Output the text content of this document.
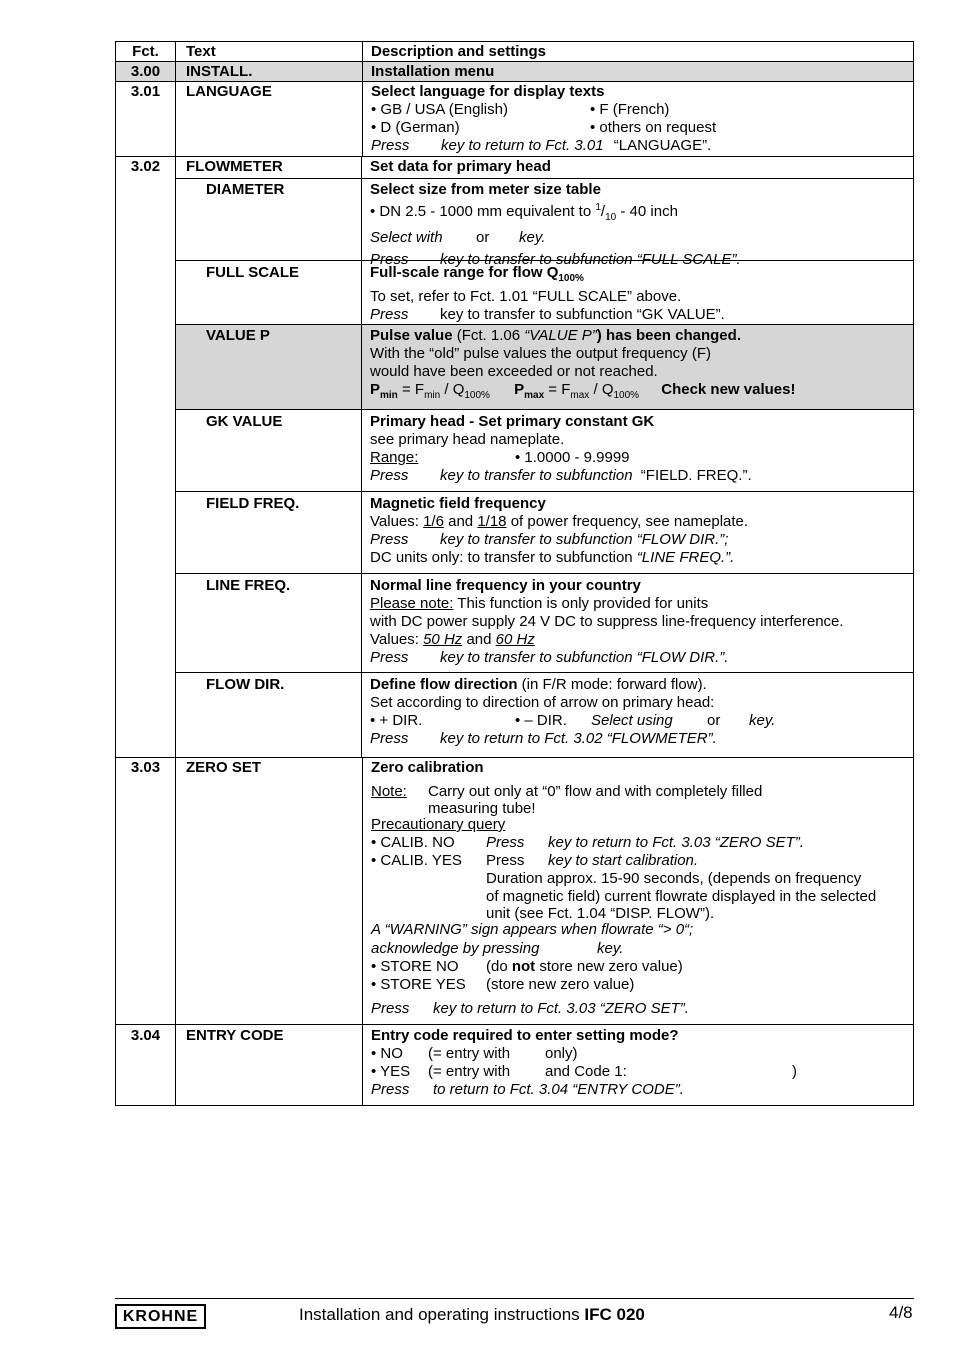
Fct.	Text	Description and settings
3.00	INSTALL.	Installation menu
3.01	LANGUAGE	Select language for display texts
• GB / USA (English)	• F (French)
• D (German)	• others on request
Press key to return to Fct. 3.01 “LANGUAGE”.
3.02	FLOWMETER	Set data for primary head
DIAMETER	Select size from meter size table
• DN 2.5 - 1000 mm equivalent to $^1/_{10} - 40$ inch
Select with or key.
Press key to transfer to subfunction “FULL SCALE”.
FULL SCALE	Full-scale range for flow $Q_{100\%}$
To set, refer to Fct. 1.01 “FULL SCALE” above.
Press key to transfer to subfunction “GK VALUE”.
VALUE P	Pulse value (Fct. 1.06 “VALUE P”) has been changed.
With the “old” pulse values the output frequency (F)
would have been exceeded or not reached.
$P_{min} = F_{min} / Q_{100\%}$ $P_{max} = F_{max} / Q_{100\%}$ Check new values!
GK VALUE	Primary head - Set primary constant GK
see primary head nameplate.
Range:	• 1.0000 - 9.9999
Press key to transfer to subfunction “FIELD. FREQ.”.
FIELD FREQ.	Magnetic field frequency
Values: 1/6 and 1/18 of power frequency, see nameplate.
Press key to transfer to subfunction “FLOW DIR.”;
DC units only: to transfer to subfunction “LINE FREQ.”.
LINE FREQ.	Normal line frequency in your country
Please note: This function is only provided for units
with DC power supply 24 V DC to suppress line-frequency interference.
Values: 50 Hz and 60 Hz
Press key to transfer to subfunction “FLOW DIR.”.
FLOW DIR.	Define flow direction (in F/R mode: forward flow).
Set according to direction of arrow on primary head:
• + DIR.	• – DIR. Select using or key.
Press key to return to Fct. 3.02 “FLOWMETER”.
3.03	ZERO SET	Zero calibration
Note: Carry out only at “0” flow and with completely filled
measuring tube!
Precautionary query
• CALIB. NO Press key to return to Fct. 3.03 “ZERO SET”.
• CALIB. YES Press key to start calibration.
Duration approx. 15-90 seconds, (depends on frequency
of magnetic field) current flowrate displayed in the selected
unit (see Fct. 1.04 “DISP. FLOW”).
A “WARNING” sign appears when flowrate “> 0“;
acknowledge by pressing	key.
• STORE NO (do not store new zero value)
• STORE YES (store new zero value)
Press key to return to Fct. 3.03 “ZERO SET”.
3.04	ENTRY CODE	Entry code required to enter setting mode?
• NO (= entry with only)
• YES (= entry with and Code 1:	)
Press to return to Fct. 3.04 “ENTRY CODE”.
KROHNE	Installation and operating instructions IFC 020	4/8
